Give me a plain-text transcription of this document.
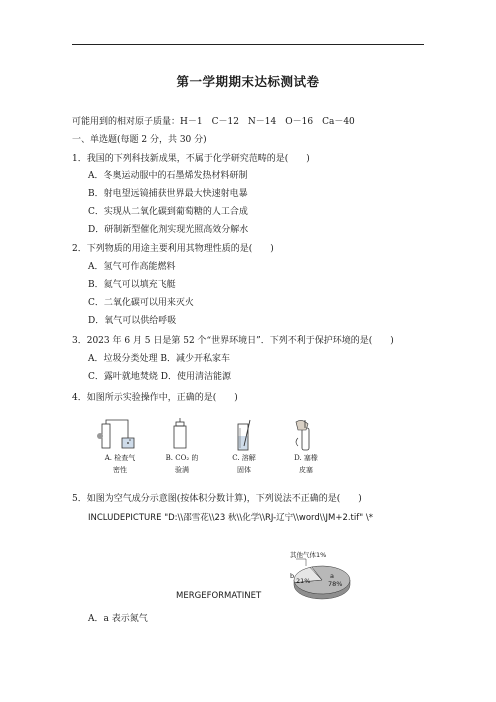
第一学期期末达标测试卷
可能用到的相对原子质量：H－1　C－12　N－14　O－16　Ca－40
一、单选题(每题 2 分，共 30 分)
1．我国的下列科技新成果，不属于化学研究范畴的是(　　)
A．冬奥运动服中的石墨烯发热材料研制
B．射电望远镜捕获世界最大快速射电暴
C．实现从二氧化碳到葡萄糖的人工合成
D．研制新型催化剂实现光照高效分解水
2．下列物质的用途主要利用其物理性质的是(　　)
A．氢气可作高能燃料
B．氦气可以填充飞艇
C．二氧化碳可以用来灭火
D．氧气可以供给呼吸
3．2023 年 6 月 5 日是第 52 个“世界环境日”．下列不利于保护环境的是(　　)
A．垃圾分类处理 B．减少开私家车
C．露叶就地焚烧 D．使用清洁能源
4．如图所示实验操作中，正确的是(　　)
A. 检查气
密性
B. CO₂ 的
验满
C. 溶解
固体
D. 塞橡
皮塞
5．如图为空气成分示意图(按体积分数计算)，下列说法不正确的是(　　)
INCLUDEPICTURE "D:\\邵雪花\\23 秋\\化学\\RJ-辽宁\\word\\JM+2.tif" \*
其他气体1%
b
21%
a
78%
MERGEFORMATINET
A．a 表示氮气
